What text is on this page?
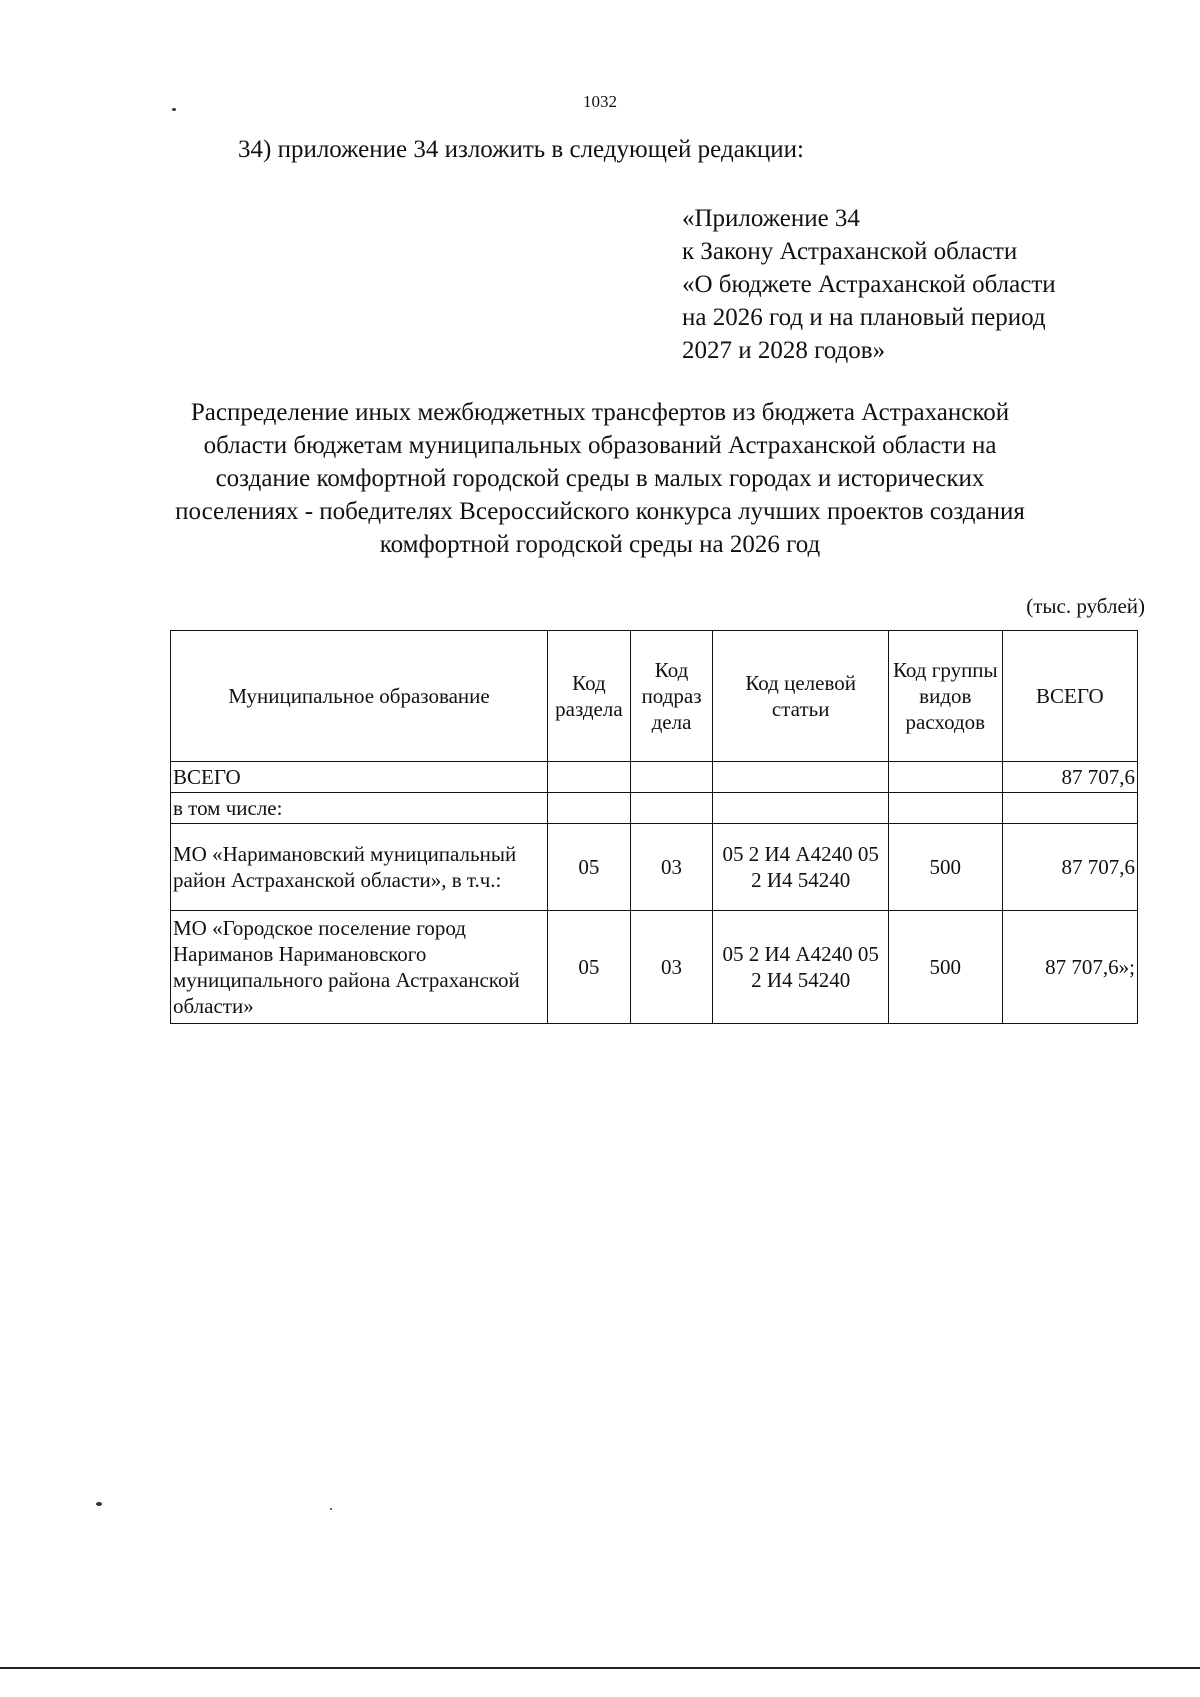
1032
34) приложение 34 изложить в следующей редакции:
«Приложение 34
к Закону Астраханской области
«О бюджете Астраханской области
на 2026 год и на плановый период
2027 и 2028 годов»
Распределение иных межбюджетных трансфертов из бюджета Астраханской
области бюджетам муниципальных образований Астраханской области на
создание комфортной городской среды в малых городах и исторических
поселениях - победителях Всероссийского конкурса лучших проектов создания
комфортной городской среды на 2026 год
(тыс. рублей)
Муниципальное образование	Код раздела	Код подраз дела	Код целевой статьи	Код группы видов расходов	ВСЕГО
ВСЕГО					87 707,6
в том числе:					
МО «Наримановский муниципальный район Астраханской области», в т.ч.:	05	03	05 2 И4 А4240 05 2 И4 54240	500	87 707,6
МО «Городское поселение город Нариманов Наримановского муниципального района Астраханской области»	05	03	05 2 И4 А4240 05 2 И4 54240	500	87 707,6»;
